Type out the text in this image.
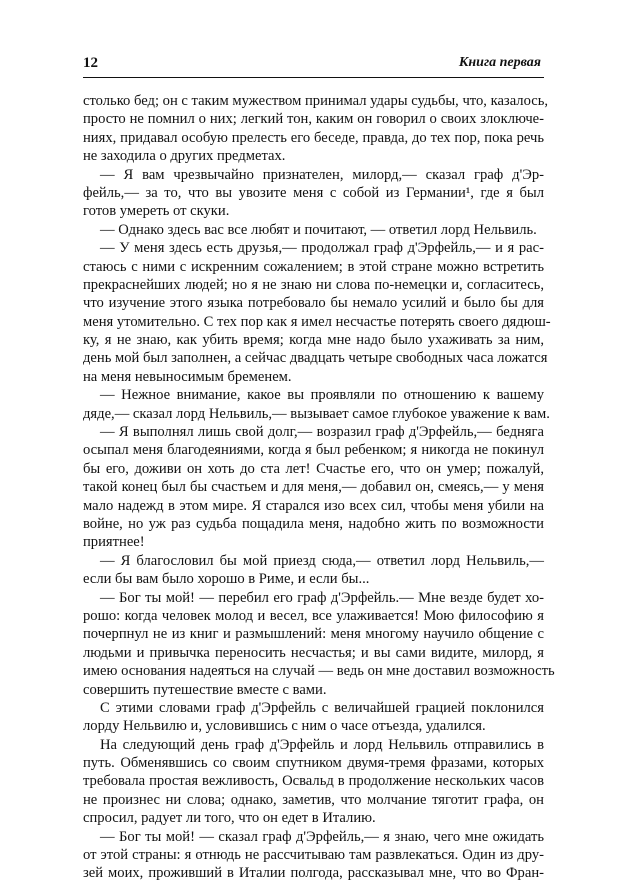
12	Книга первая
столько бед; он с таким мужеством принимал удары судьбы, что, казалось,
просто не помнил о них; легкий тон, каким он говорил о своих злоключе-
ниях, придавал особую прелесть его беседе, правда, до тех пор, пока речь
не заходила о других предметах.
— Я вам чрезвычайно признателен, милорд,— сказал граф д'Эр-
фейль,— за то, что вы увозите меня с собой из Германии¹, где я был
готов умереть от скуки.
— Однако здесь вас все любят и почитают, — ответил лорд Нельвиль.
— У меня здесь есть друзья,— продолжал граф д'Эрфейль,— и я рас-
стаюсь с ними с искренним сожалением; в этой стране можно встретить
прекраснейших людей; но я не знаю ни слова по-немецки и, согласитесь,
что изучение этого языка потребовало бы немало усилий и было бы для
меня утомительно. С тех пор как я имел несчастье потерять своего дядюш-
ку, я не знаю, как убить время; когда мне надо было ухаживать за ним,
день мой был заполнен, а сейчас двадцать четыре свободных часа ложатся
на меня невыносимым бременем.
— Нежное внимание, какое вы проявляли по отношению к вашему
дяде,— сказал лорд Нельвиль,— вызывает самое глубокое уважение к вам.
— Я выполнял лишь свой долг,— возразил граф д'Эрфейль,— бедняга
осыпал меня благодеяниями, когда я был ребенком; я никогда не покинул
бы его, доживи он хоть до ста лет! Счастье его, что он умер; пожалуй,
такой конец был бы счастьем и для меня,— добавил он, смеясь,— у меня
мало надежд в этом мире. Я старался изо всех сил, чтобы меня убили на
войне, но уж раз судьба пощадила меня, надобно жить по возможности
приятнее!
— Я благословил бы мой приезд сюда,— ответил лорд Нельвиль,—
если бы вам было хорошо в Риме, и если бы...
— Бог ты мой! — перебил его граф д'Эрфейль.— Мне везде будет хо-
рошо: когда человек молод и весел, все улаживается! Мою философию я
почерпнул не из книг и размышлений: меня многому научило общение с
людьми и привычка переносить несчастья; и вы сами видите, милорд, я
имею основания надеяться на случай — ведь он мне доставил возможность
совершить путешествие вместе с вами.
С этими словами граф д'Эрфейль с величайшей грацией поклонился
лорду Нельвилю и, условившись с ним о часе отъезда, удалился.
На следующий день граф д'Эрфейль и лорд Нельвиль отправились в
путь. Обменявшись со своим спутником двумя-тремя фразами, которых
требовала простая вежливость, Освальд в продолжение нескольких часов
не произнес ни слова; однако, заметив, что молчание тяготит графа, он
спросил, радует ли того, что он едет в Италию.
— Бог ты мой! — сказал граф д'Эрфейль,— я знаю, чего мне ожидать
от этой страны: я отнюдь не рассчитываю там развлекаться. Один из дру-
зей моих, проживший в Италии полгода, рассказывал мне, что во Фран-
